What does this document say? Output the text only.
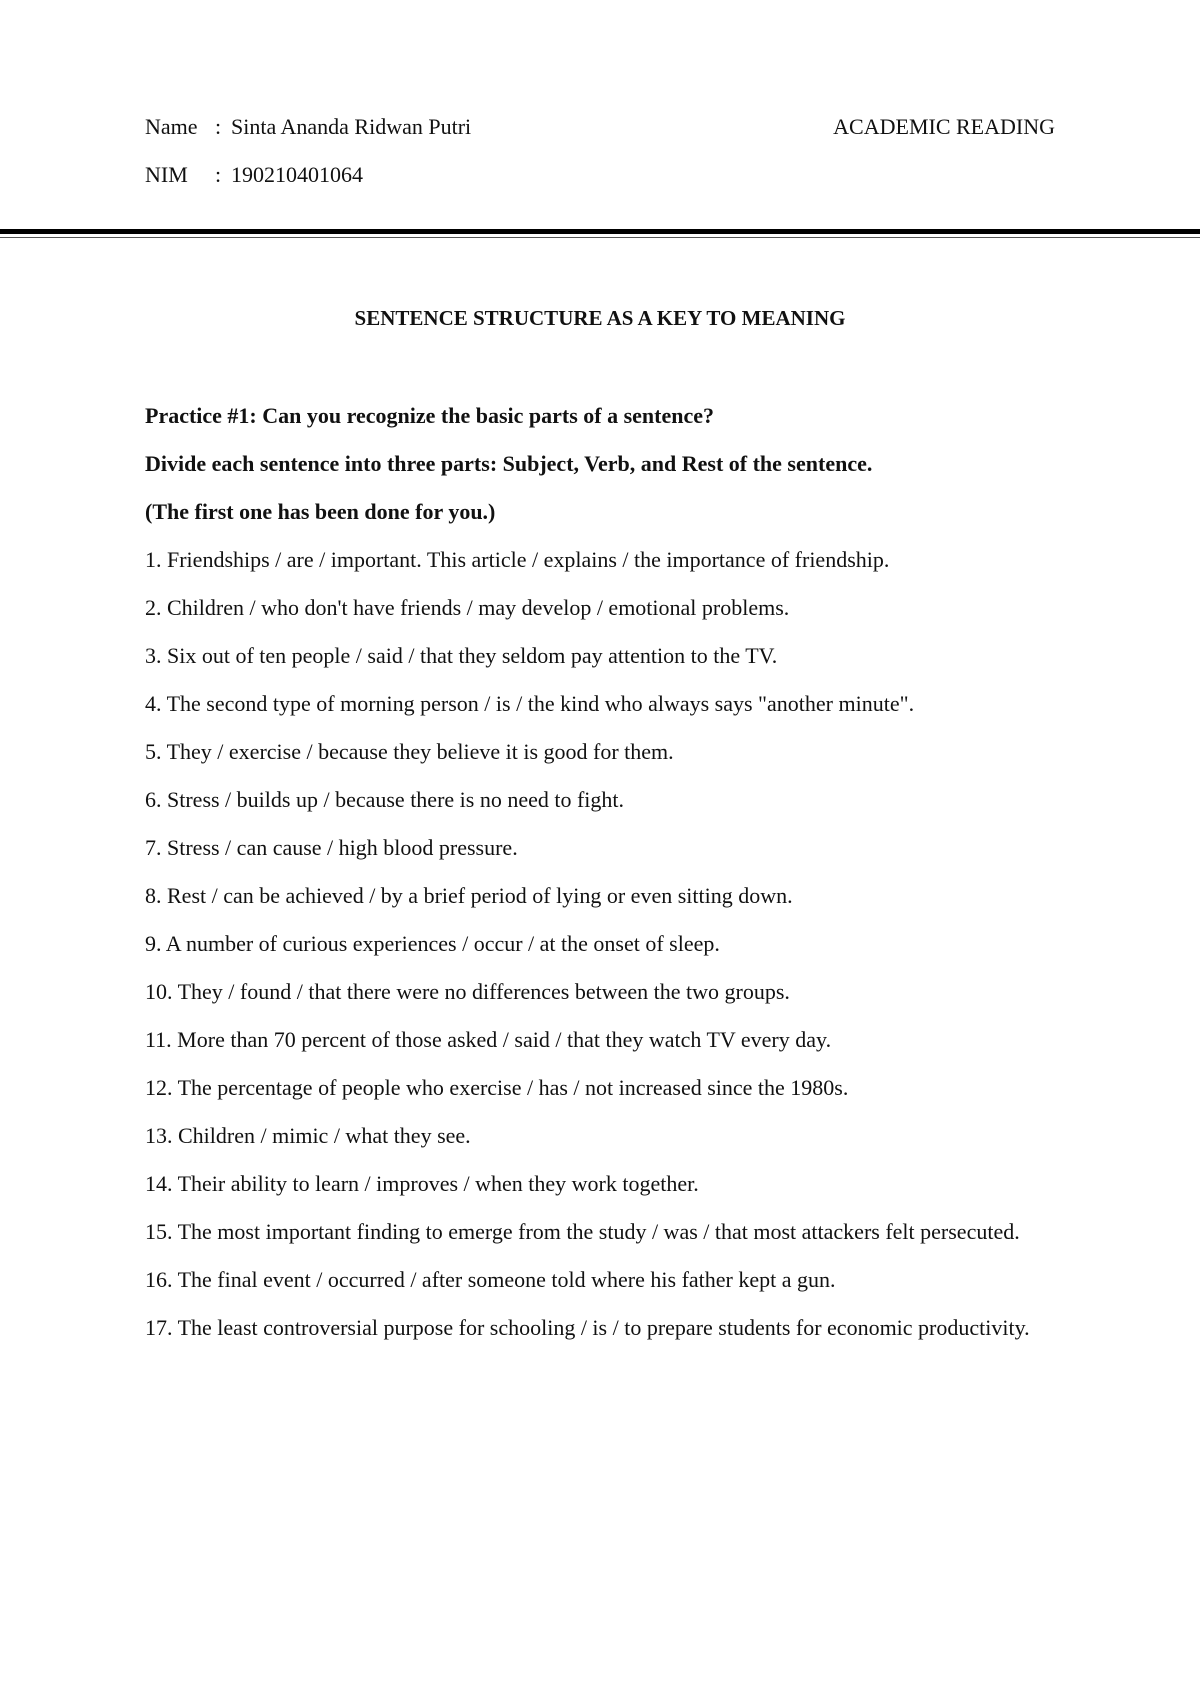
Name : Sinta Ananda Ridwan Putri	ACADEMIC READING
NIM : 190210401064
SENTENCE STRUCTURE AS A KEY TO MEANING
Practice #1: Can you recognize the basic parts of a sentence?
Divide each sentence into three parts: Subject, Verb, and Rest of the sentence.
(The first one has been done for you.)
1. Friendships / are / important. This article / explains / the importance of friendship.
2. Children / who don't have friends / may develop / emotional problems.
3. Six out of ten people / said / that they seldom pay attention to the TV.
4. The second type of morning person / is / the kind who always says "another minute".
5. They / exercise / because they believe it is good for them.
6. Stress / builds up / because there is no need to fight.
7. Stress / can cause / high blood pressure.
8. Rest / can be achieved / by a brief period of lying or even sitting down.
9. A number of curious experiences / occur / at the onset of sleep.
10. They / found / that there were no differences between the two groups.
11. More than 70 percent of those asked / said / that they watch TV every day.
12. The percentage of people who exercise / has / not increased since the 1980s.
13. Children / mimic / what they see.
14. Their ability to learn / improves / when they work together.
15. The most important finding to emerge from the study / was / that most attackers felt persecuted.
16. The final event / occurred / after someone told where his father kept a gun.
17. The least controversial purpose for schooling / is / to prepare students for economic productivity.
